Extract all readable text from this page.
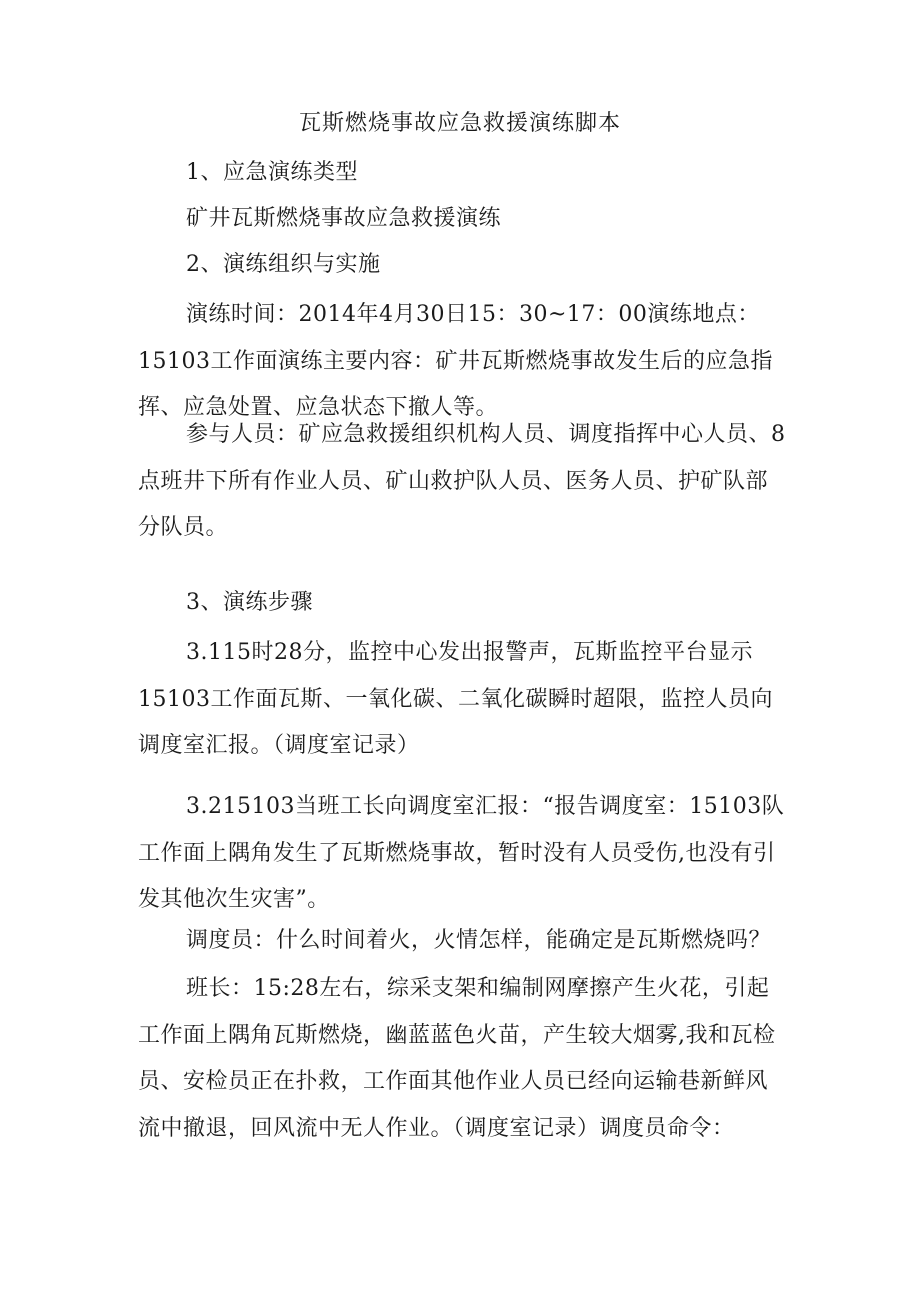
瓦斯燃烧事故应急救援演练脚本

1、应急演练类型

矿井瓦斯燃烧事故应急救援演练

2、演练组织与实施

演练时间：2014年4月30日15：30~17：00演练地点：15103工作面演练主要内容：矿井瓦斯燃烧事故发生后的应急指挥、应急处置、应急状态下撤人等。

参与人员：矿应急救援组织机构人员、调度指挥中心人员、8点班井下所有作业人员、矿山救护队人员、医务人员、护矿队部分队员。

3、演练步骤

3.115时28分，监控中心发出报警声，瓦斯监控平台显示15103工作面瓦斯、一氧化碳、二氧化碳瞬时超限，监控人员向调度室汇报。（调度室记录）

3.215103当班工长向调度室汇报：“报告调度室：15103队工作面上隅角发生了瓦斯燃烧事故，暂时没有人员受伤,也没有引发其他次生灾害”。

调度员：什么时间着火，火情怎样，能确定是瓦斯燃烧吗？

班长：15:28左右，综采支架和编制网摩擦产生火花，引起工作面上隅角瓦斯燃烧，幽蓝蓝色火苗，产生较大烟雾,我和瓦检员、安检员正在扑救，工作面其他作业人员已经向运输巷新鲜风流中撤退，回风流中无人作业。（调度室记录）调度员命令：
